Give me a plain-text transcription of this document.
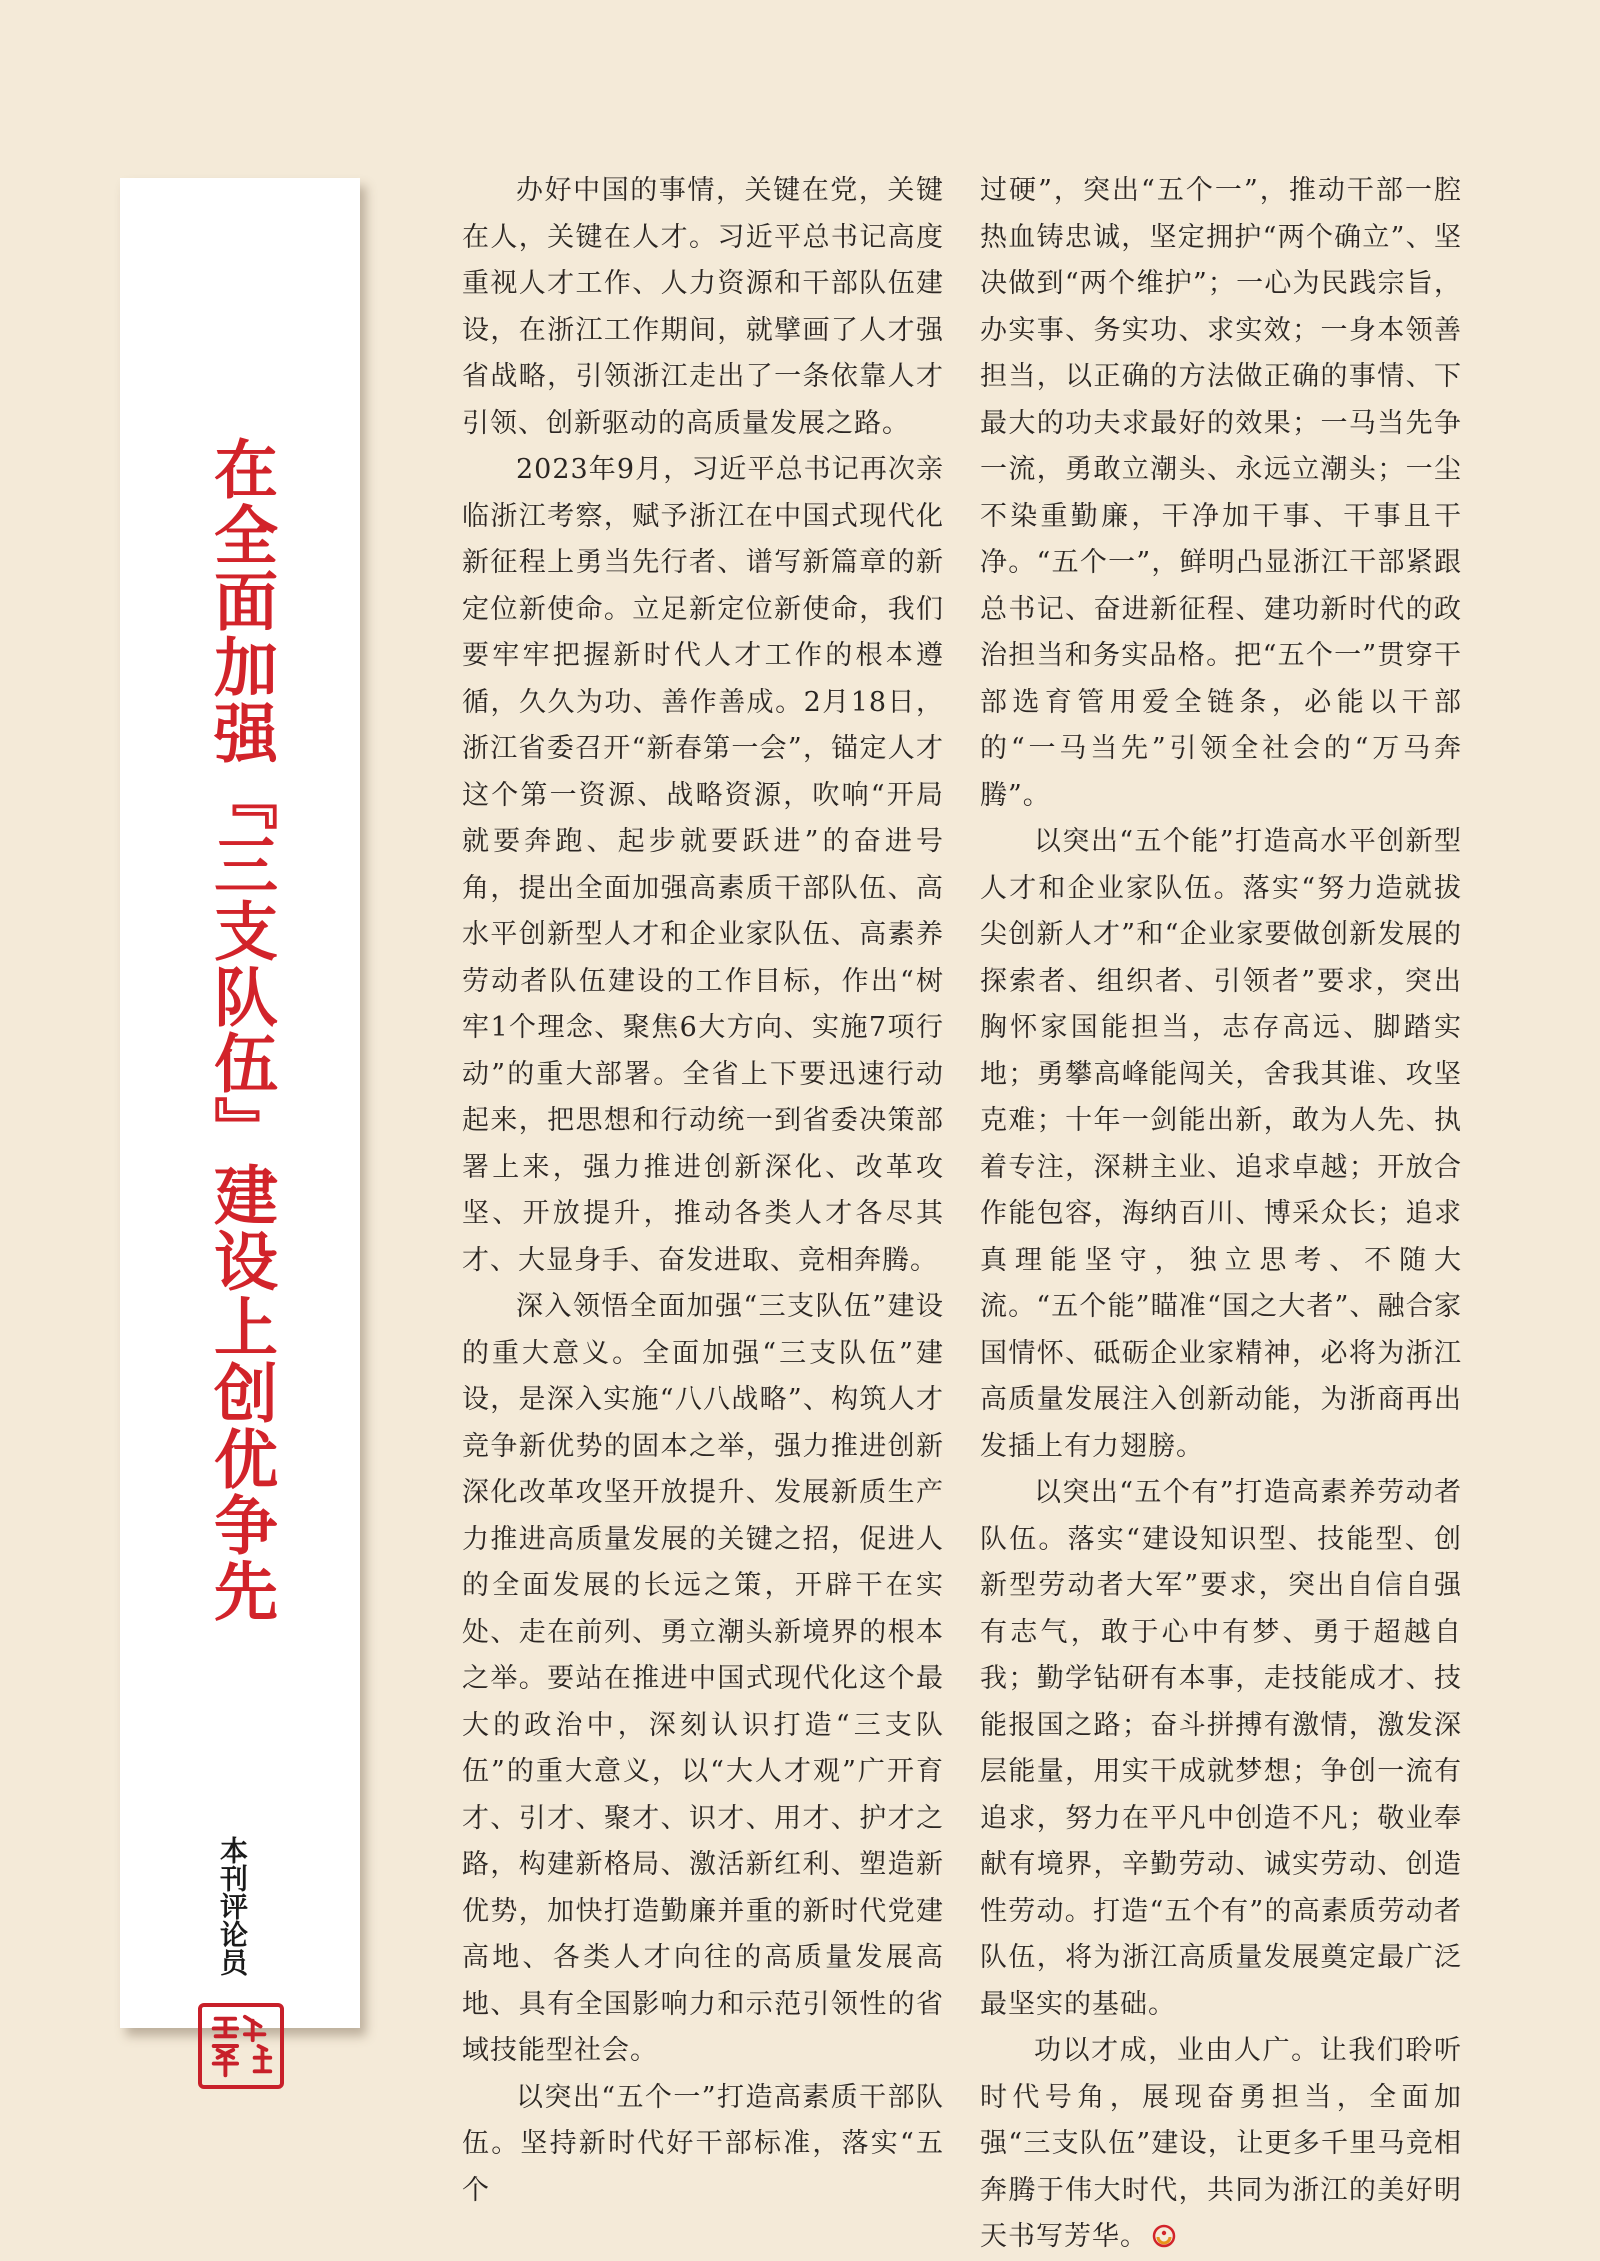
在全面加强『三支队伍』建设上创优争先
本刊评论员

办好中国的事情，关键在党，关键在人，关键在人才。习近平总书记高度重视人才工作、人力资源和干部队伍建设，在浙江工作期间，就擘画了人才强省战略，引领浙江走出了一条依靠人才引领、创新驱动的高质量发展之路。

2023年9月，习近平总书记再次亲临浙江考察，赋予浙江在中国式现代化新征程上勇当先行者、谱写新篇章的新定位新使命。立足新定位新使命，我们要牢牢把握新时代人才工作的根本遵循，久久为功、善作善成。2月18日，浙江省委召开“新春第一会”，锚定人才这个第一资源、战略资源，吹响“开局就要奔跑、起步就要跃进”的奋进号角，提出全面加强高素质干部队伍、高水平创新型人才和企业家队伍、高素养劳动者队伍建设的工作目标，作出“树牢1个理念、聚焦6大方向、实施7项行动”的重大部署。全省上下要迅速行动起来，把思想和行动统一到省委决策部署上来，强力推进创新深化、改革攻坚、开放提升，推动各类人才各尽其才、大显身手、奋发进取、竞相奔腾。

深入领悟全面加强“三支队伍”建设的重大意义。全面加强“三支队伍”建设，是深入实施“八八战略”、构筑人才竞争新优势的固本之举，强力推进创新深化改革攻坚开放提升、发展新质生产力推进高质量发展的关键之招，促进人的全面发展的长远之策，开辟干在实处、走在前列、勇立潮头新境界的根本之举。要站在推进中国式现代化这个最大的政治中，深刻认识打造“三支队伍”的重大意义，以“大人才观”广开育才、引才、聚才、识才、用才、护才之路，构建新格局、激活新红利、塑造新优势，加快打造勤廉并重的新时代党建高地、各类人才向往的高质量发展高地、具有全国影响力和示范引领性的省域技能型社会。

以突出“五个一”打造高素质干部队伍。坚持新时代好干部标准，落实“五个

过硬”，突出“五个一”，推动干部一腔热血铸忠诚，坚定拥护“两个确立”、坚决做到“两个维护”；一心为民践宗旨，办实事、务实功、求实效；一身本领善担当，以正确的方法做正确的事情、下最大的功夫求最好的效果；一马当先争一流，勇敢立潮头、永远立潮头；一尘不染重勤廉，干净加干事、干事且干净。“五个一”，鲜明凸显浙江干部紧跟总书记、奋进新征程、建功新时代的政治担当和务实品格。把“五个一”贯穿干部选育管用爱全链条，必能以干部的“一马当先”引领全社会的“万马奔腾”。

以突出“五个能”打造高水平创新型人才和企业家队伍。落实“努力造就拔尖创新人才”和“企业家要做创新发展的探索者、组织者、引领者”要求，突出胸怀家国能担当，志存高远、脚踏实地；勇攀高峰能闯关，舍我其谁、攻坚克难；十年一剑能出新，敢为人先、执着专注，深耕主业、追求卓越；开放合作能包容，海纳百川、博采众长；追求真理能坚守，独立思考、不随大流。“五个能”瞄准“国之大者”、融合家国情怀、砥砺企业家精神，必将为浙江高质量发展注入创新动能，为浙商再出发插上有力翅膀。

以突出“五个有”打造高素养劳动者队伍。落实“建设知识型、技能型、创新型劳动者大军”要求，突出自信自强有志气，敢于心中有梦、勇于超越自我；勤学钻研有本事，走技能成才、技能报国之路；奋斗拼搏有激情，激发深层能量，用实干成就梦想；争创一流有追求，努力在平凡中创造不凡；敬业奉献有境界，辛勤劳动、诚实劳动、创造性劳动。打造“五个有”的高素质劳动者队伍，将为浙江高质量发展奠定最广泛最坚实的基础。

功以才成，业由人广。让我们聆听时代号角，展现奋勇担当，全面加强“三支队伍”建设，让更多千里马竞相奔腾于伟大时代，共同为浙江的美好明天书写芳华。
